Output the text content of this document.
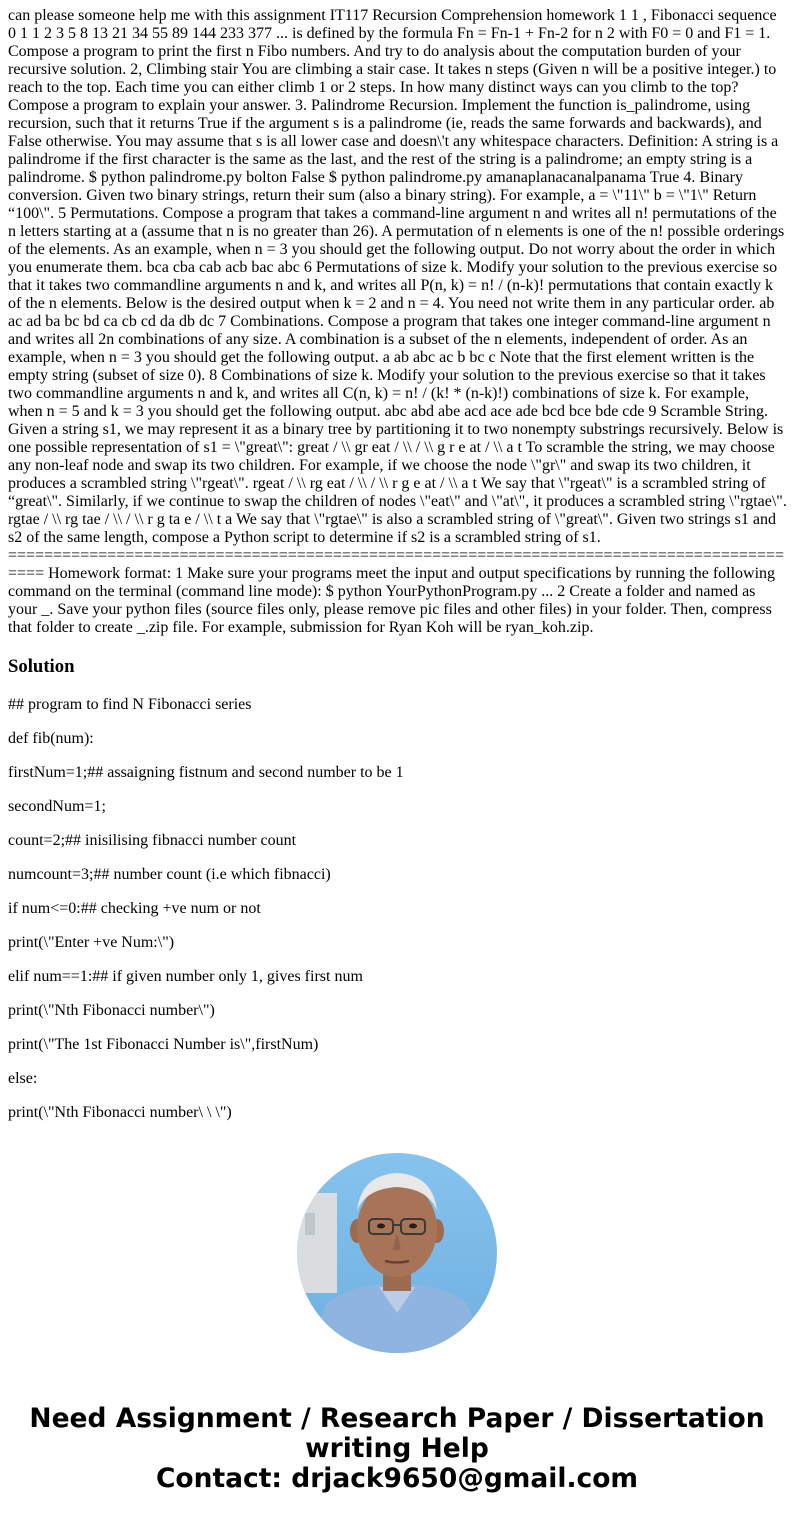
can please someone help me with this assignment IT117 Recursion Comprehension homework 1 1 , Fibonacci sequence 0 1 1 2 3 5 8 13 21 34 55 89 144 233 377 ... is defined by the formula Fn = Fn-1 + Fn-2 for n 2 with F0 = 0 and F1 = 1. Compose a program to print the first n Fibo numbers. And try to do analysis about the computation burden of your recursive solution. 2, Climbing stair You are climbing a stair case. It takes n steps (Given n will be a positive integer.) to reach to the top. Each time you can either climb 1 or 2 steps. In how many distinct ways can you climb to the top? Compose a program to explain your answer. 3. Palindrome Recursion. Implement the function is_palindrome, using recursion, such that it returns True if the argument s is a palindrome (ie, reads the same forwards and backwards), and False otherwise. You may assume that s is all lower case and doesn\'t any whitespace characters. Definition: A string is a palindrome if the first character is the same as the last, and the rest of the string is a palindrome; an empty string is a palindrome. $ python palindrome.py bolton False $ python palindrome.py amanaplanacanalpanama True 4. Binary conversion. Given two binary strings, return their sum (also a binary string). For example, a = \"11\" b = \"1\" Return “100\". 5 Permutations. Compose a program that takes a command-line argument n and writes all n! permutations of the n letters starting at a (assume that n is no greater than 26). A permutation of n elements is one of the n! possible orderings of the elements. As an example, when n = 3 you should get the following output. Do not worry about the order in which you enumerate them. bca cba cab acb bac abc 6 Permutations of size k. Modify your solution to the previous exercise so that it takes two commandline arguments n and k, and writes all P(n, k) = n! / (n-k)! permutations that contain exactly k of the n elements. Below is the desired output when k = 2 and n = 4. You need not write them in any particular order. ab ac ad ba bc bd ca cb cd da db dc 7 Combinations. Compose a program that takes one integer command-line argument n and writes all 2n combinations of any size. A combination is a subset of the n elements, independent of order. As an example, when n = 3 you should get the following output. a ab abc ac b bc c Note that the first element written is the empty string (subset of size 0). 8 Combinations of size k. Modify your solution to the previous exercise so that it takes two commandline arguments n and k, and writes all C(n, k) = n! / (k! * (n-k)!) combinations of size k. For example, when n = 5 and k = 3 you should get the following output. abc abd abe acd ace ade bcd bce bde cde 9 Scramble String. Given a string s1, we may represent it as a binary tree by partitioning it to two nonempty substrings recursively. Below is one possible representation of s1 = \"great\": great / \\ gr eat / \\ / \\ g r e at / \\ a t To scramble the string, we may choose any non-leaf node and swap its two children. For example, if we choose the node \"gr\" and swap its two children, it produces a scrambled string \"rgeat\". rgeat / \\ rg eat / \\ / \\ r g e at / \\ a t We say that \"rgeat\" is a scrambled string of “great\". Similarly, if we continue to swap the children of nodes \"eat\" and \"at\", it produces a scrambled string \"rgtae\". rgtae / \\ rg tae / \\ / \\ r g ta e / \\ t a We say that \"rgtae\" is also a scrambled string of \"great\". Given two strings s1 and s2 of the same length, compose a Python script to determine if s2 is a scrambled string of s1. ========================================================================================== Homework format: 1 Make sure your programs meet the input and output specifications by running the following command on the terminal (command line mode): $ python YourPythonProgram.py ... 2 Create a folder and named as your _. Save your python files (source files only, please remove pic files and other files) in your folder. Then, compress that folder to create _.zip file. For example, submission for Ryan Koh will be ryan_koh.zip.

Solution
## program to find N Fibonacci series
def fib(num):
firstNum=1;## assaigning fistnum and second number to be 1
secondNum=1;
count=2;## inisilising fibnacci number count
numcount=3;## number count (i.e which fibnacci)
if num<=0:## checking +ve num or not
print(\"Enter +ve Num:\")
elif num==1:## if given number only 1, gives first num
print(\"Nth Fibonacci number\")
print(\"The 1st Fibonacci Number is\",firstNum)
else:
print(\"Nth Fibonacci number\ \ \")

Need Assignment / Research Paper / Dissertation
writing Help
Contact: drjack9650@gmail.com
